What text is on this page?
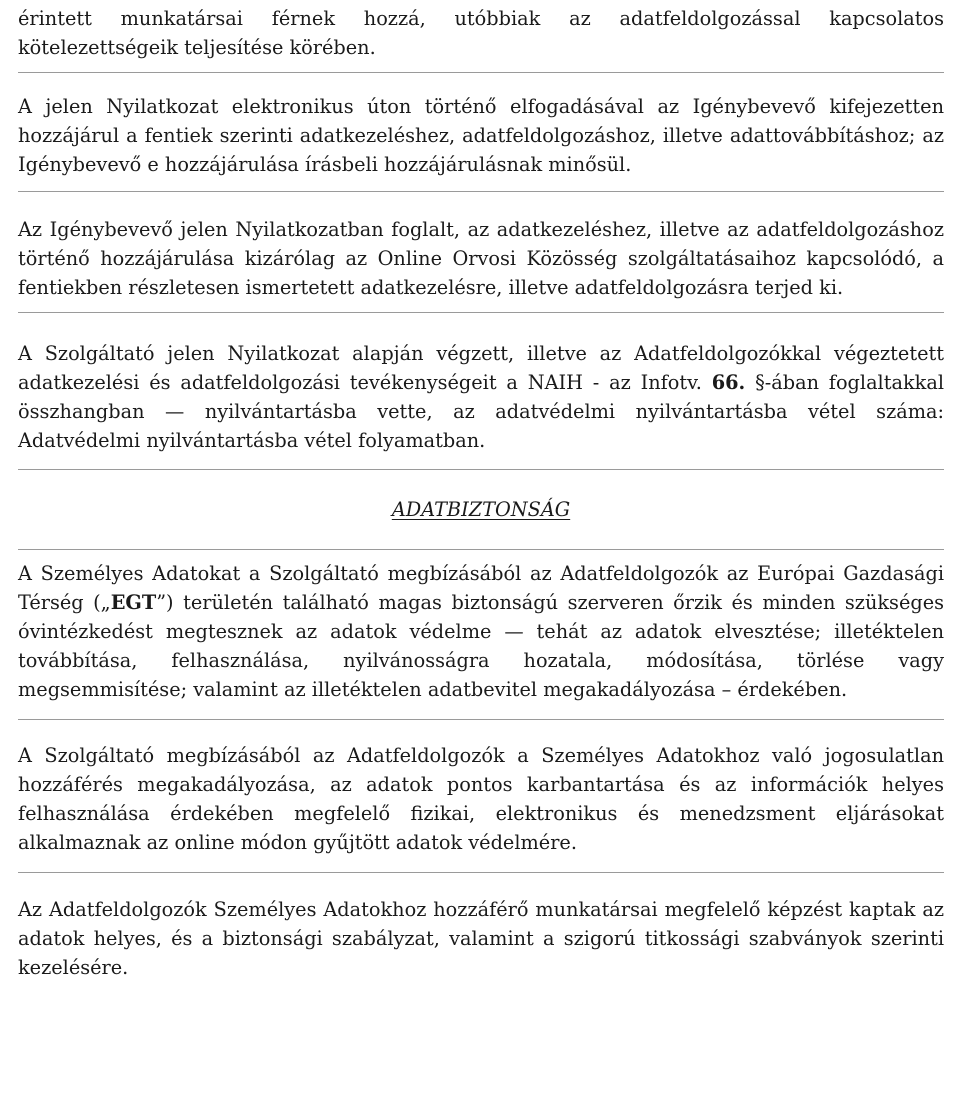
érintett munkatársai férnek hozzá, utóbbiak az adatfeldolgozással kapcsolatos kötelezettségeik teljesítése körében.

A jelen Nyilatkozat elektronikus úton történő elfogadásával az Igénybevevő kifejezetten hozzájárul a fentiek szerinti adatkezeléshez, adatfeldolgozáshoz, illetve adattovábbításhoz; az Igénybevevő e hozzájárulása írásbeli hozzájárulásnak minősül.

Az Igénybevevő jelen Nyilatkozatban foglalt, az adatkezeléshez, illetve az adatfeldolgozáshoz történő hozzájárulása kizárólag az Online Orvosi Közösség szolgáltatásaihoz kapcsolódó, a fentiekben részletesen ismertetett adatkezelésre, illetve adatfeldolgozásra terjed ki.

A Szolgáltató jelen Nyilatkozat alapján végzett, illetve az Adatfeldolgozókkal végeztetett adatkezelési és adatfeldolgozási tevékenységeit a NAIH - az Infotv. 66. §-ában foglaltakkal összhangban — nyilvántartásba vette, az adatvédelmi nyilvántartásba vétel száma: Adatvédelmi nyilvántartásba vétel folyamatban.

ADATBIZTONSÁG

A Személyes Adatokat a Szolgáltató megbízásából az Adatfeldolgozók az Európai Gazdasági Térség („EGT”) területén található magas biztonságú szerveren őrzik és minden szükséges óvintézkedést megtesznek az adatok védelme — tehát az adatok elvesztése; illetéktelen továbbítása, felhasználása, nyilvánosságra hozatala, módosítása, törlése vagy megsemmisítése; valamint az illetéktelen adatbevitel megakadályozása – érdekében.

A Szolgáltató megbízásából az Adatfeldolgozók a Személyes Adatokhoz való jogosulatlan hozzáférés megakadályozása, az adatok pontos karbantartása és az információk helyes felhasználása érdekében megfelelő fizikai, elektronikus és menedzsment eljárásokat alkalmaznak az online módon gyűjtött adatok védelmére.

Az Adatfeldolgozók Személyes Adatokhoz hozzáférő munkatársai megfelelő képzést kaptak az adatok helyes, és a biztonsági szabályzat, valamint a szigorú titkossági szabványok szerinti kezelésére.
